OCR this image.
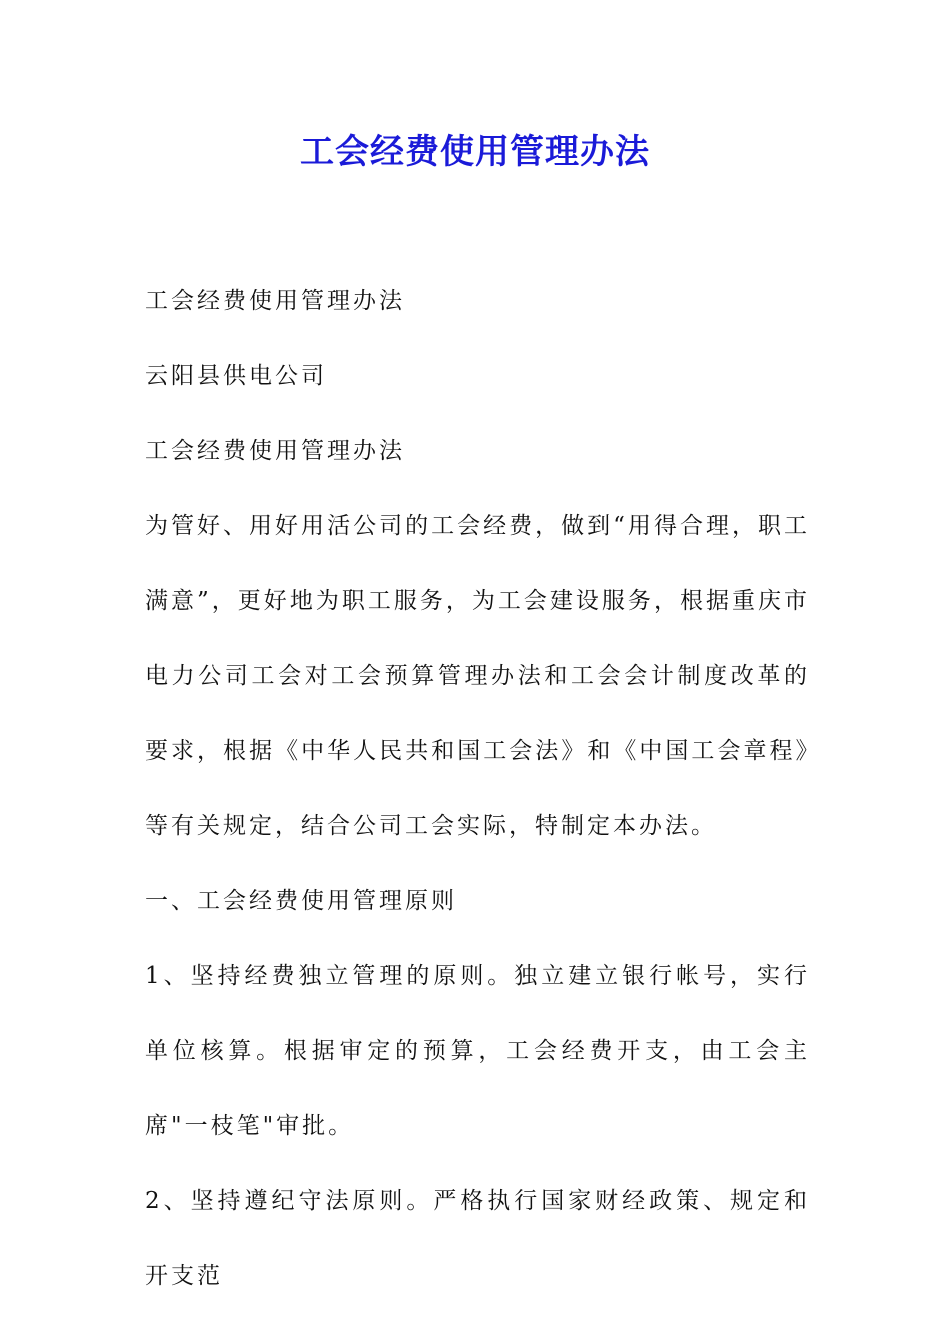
工会经费使用管理办法

工会经费使用管理办法

云阳县供电公司

工会经费使用管理办法

为管好、用好用活公司的工会经费，做到“用得合理，职工满意”，更好地为职工服务，为工会建设服务，根据重庆市电力公司工会对工会预算管理办法和工会会计制度改革的要求，根据《中华人民共和国工会法》和《中国工会章程》等有关规定，结合公司工会实际，特制定本办法。

一、工会经费使用管理原则

1、坚持经费独立管理的原则。独立建立银行帐号，实行单位核算。根据审定的预算，工会经费开支，由工会主席"一枝笔"审批。

2、坚持遵纪守法原则。严格执行国家财经政策、规定和开支范
